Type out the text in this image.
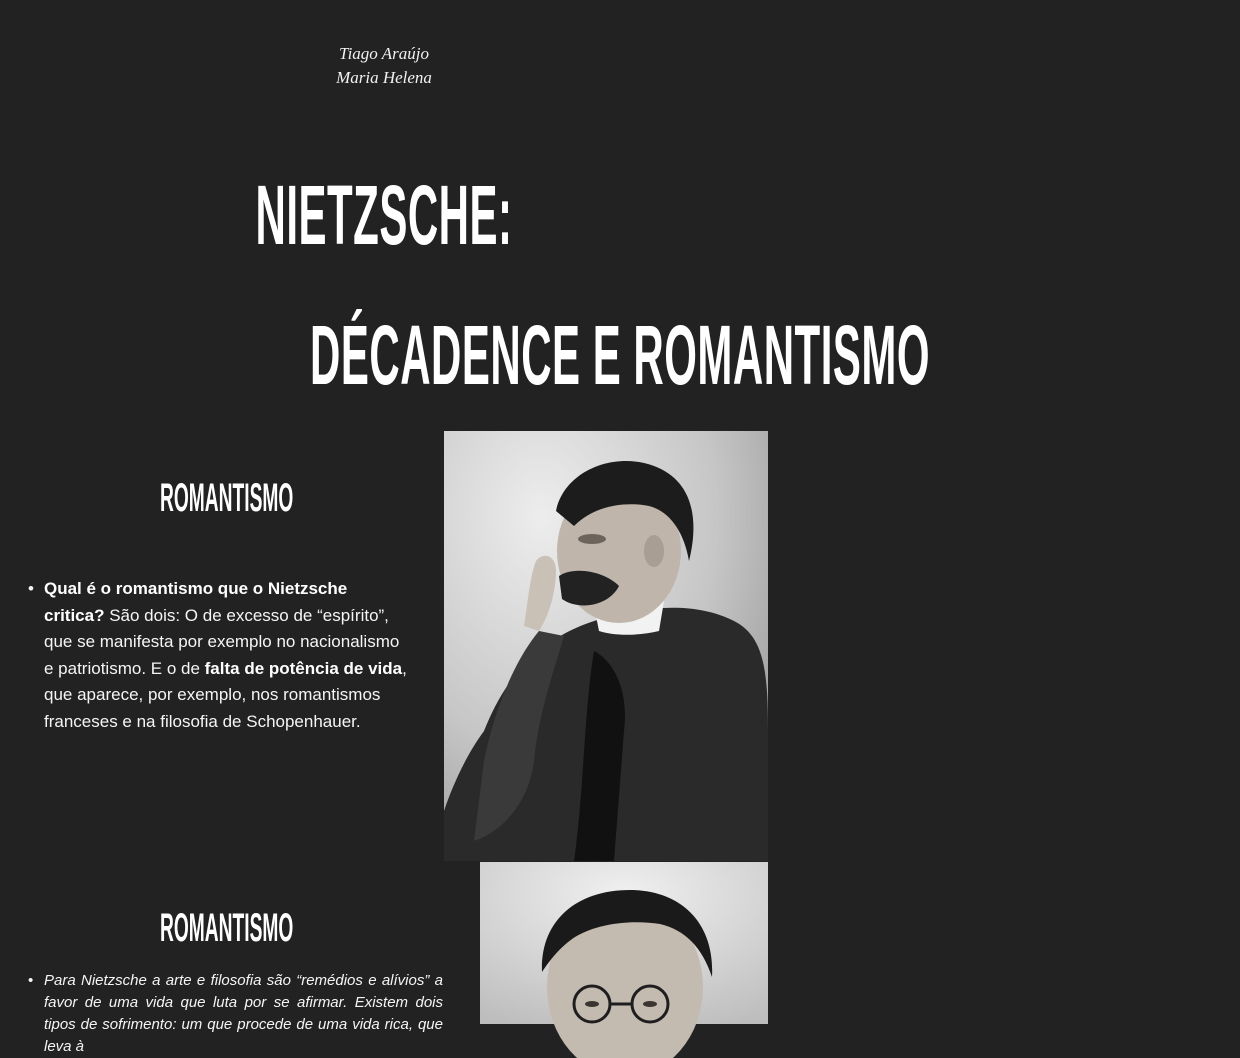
Tiago Araújo
Maria Helena
NIETZSCHE:
DÉCADENCE E ROMANTISMO
ROMANTISMO
• Qual é o romantismo que o Nietzsche critica? São dois: O de excesso de “espírito”, que se manifesta por exemplo no nacionalismo e patriotismo. E o de falta de potência de vida, que aparece, por exemplo, nos romantismos franceses e na filosofia de Schopenhauer.
ROMANTISMO
• Para Nietzsche a arte e filosofia são “remédios e alívios” a favor de uma vida que luta por se afirmar. Existem dois tipos de sofrimento: um que procede de uma vida rica, que leva à
